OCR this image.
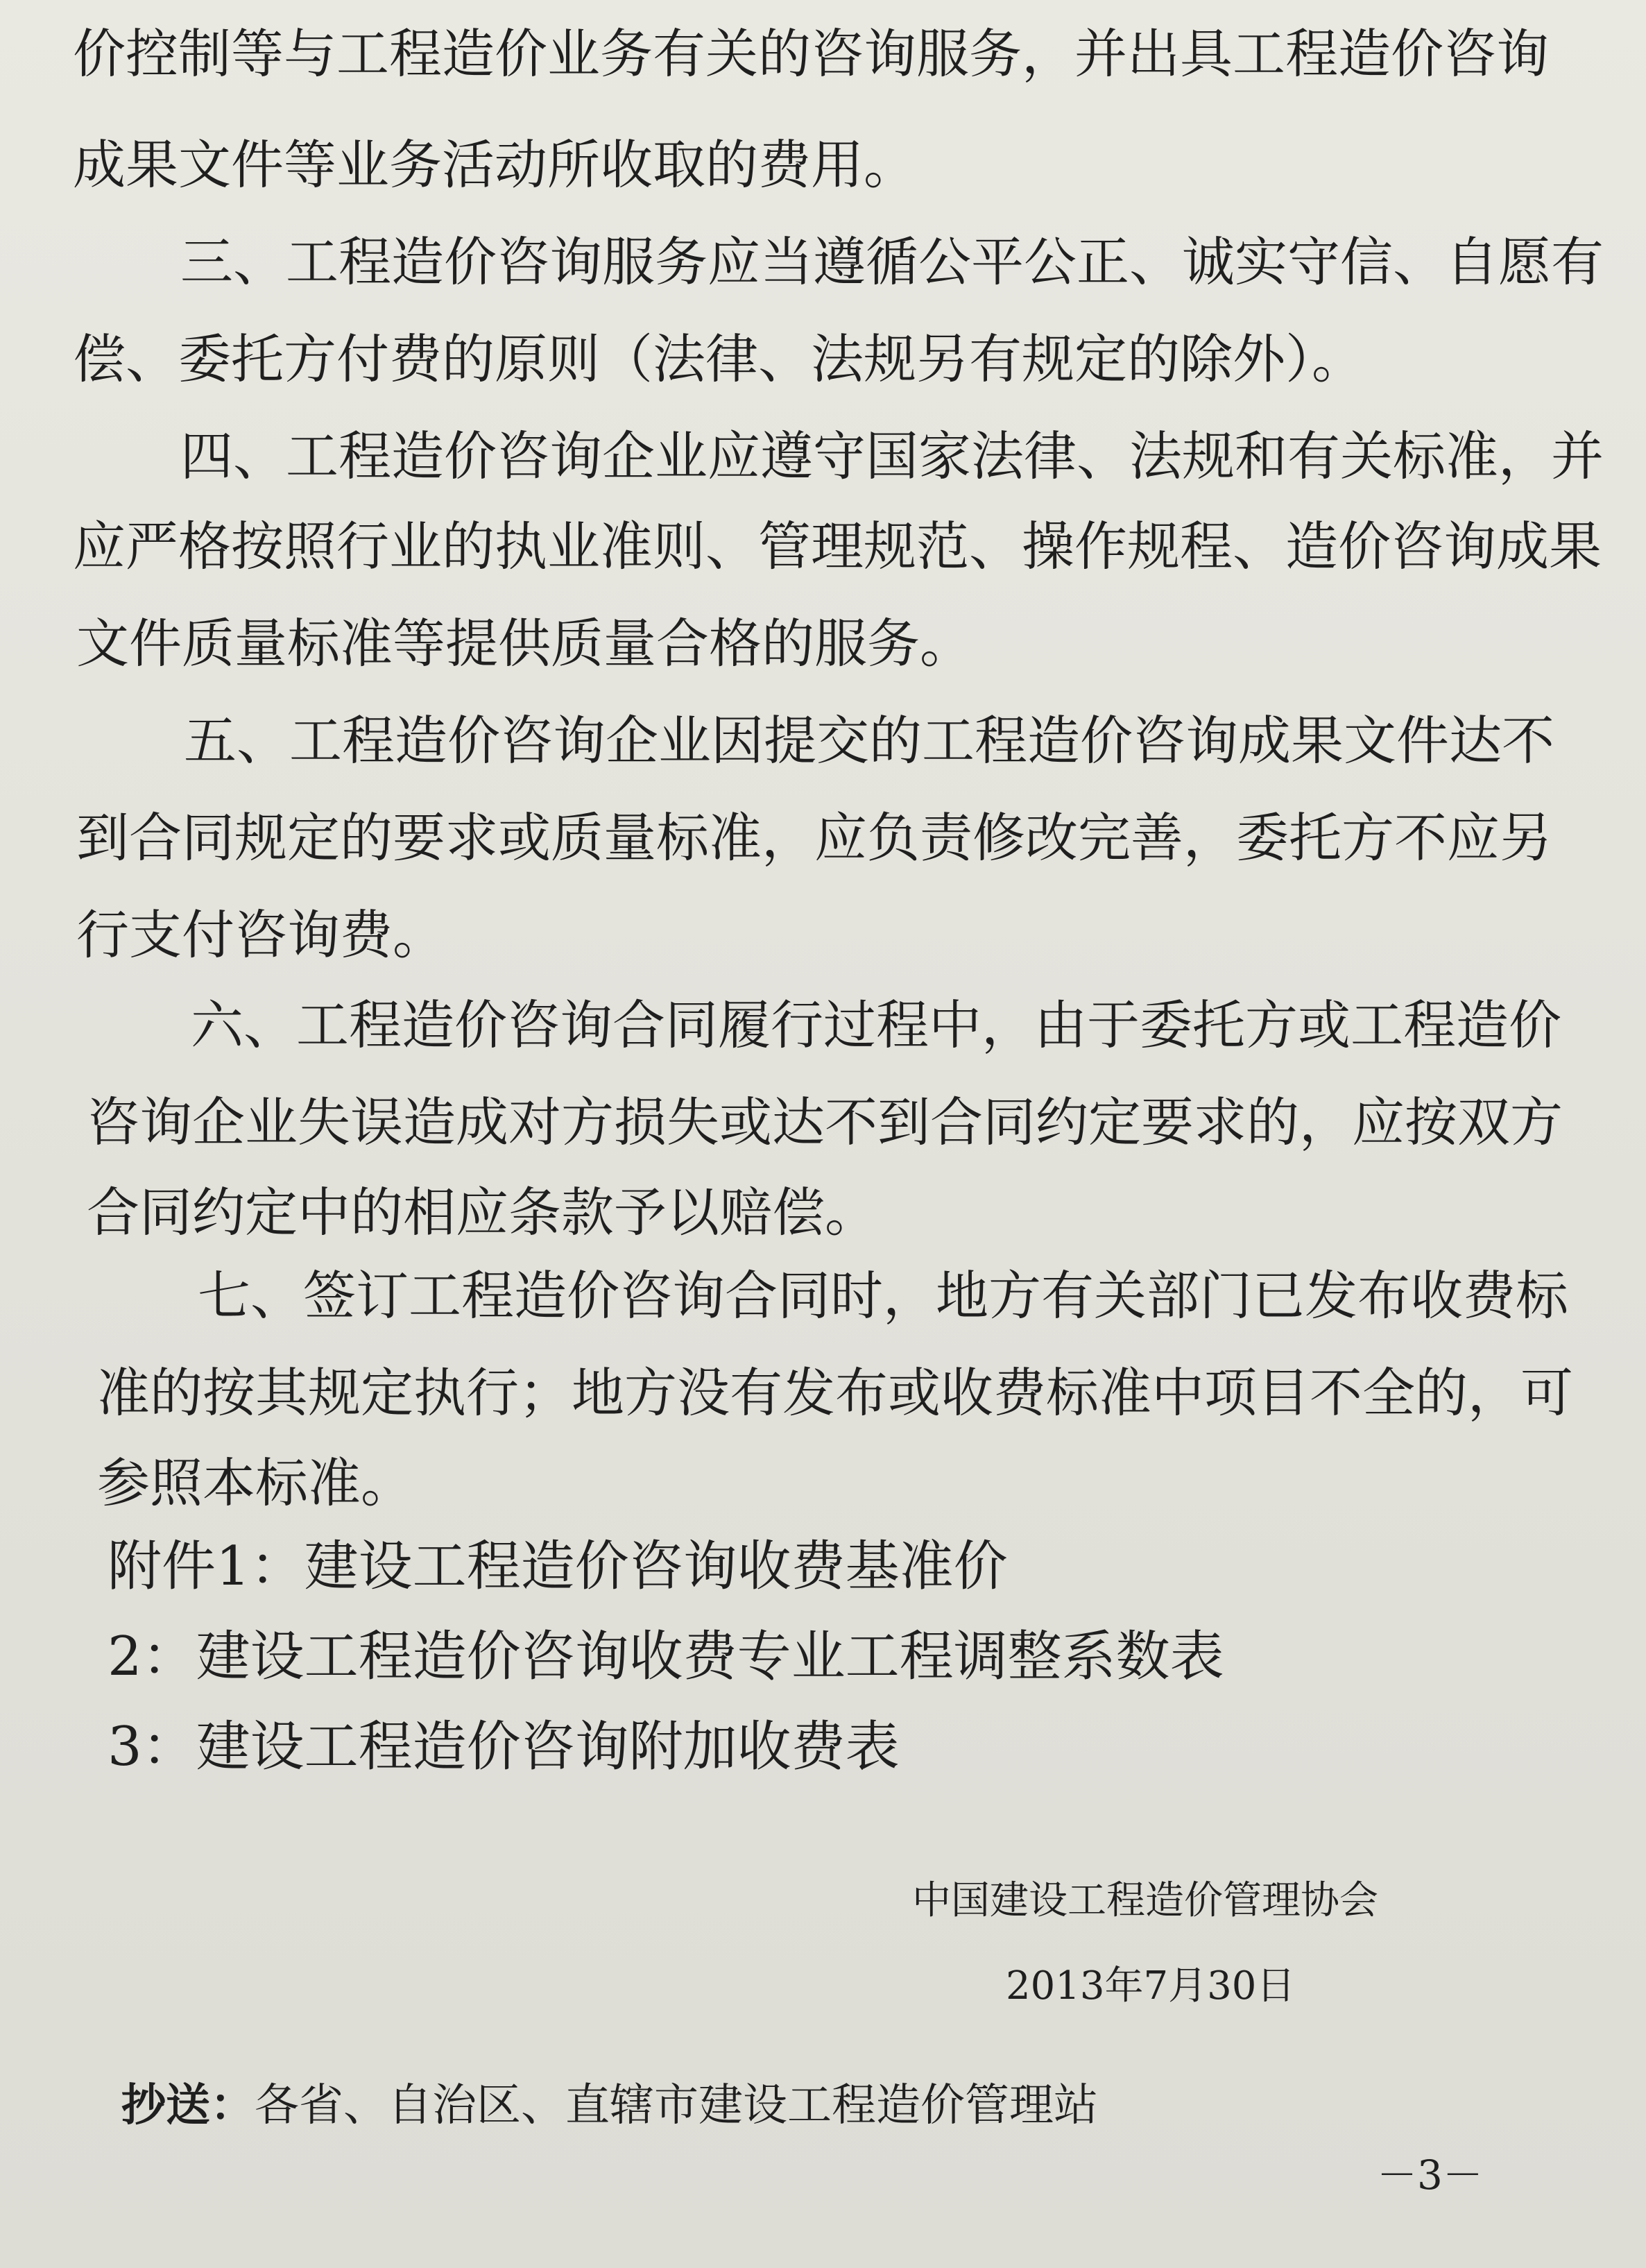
价控制等与工程造价业务有关的咨询服务，并出具工程造价咨询
成果文件等业务活动所收取的费用。
三、工程造价咨询服务应当遵循公平公正、诚实守信、自愿有
偿、委托方付费的原则（法律、法规另有规定的除外）。
四、工程造价咨询企业应遵守国家法律、法规和有关标准，并
应严格按照行业的执业准则、管理规范、操作规程、造价咨询成果
文件质量标准等提供质量合格的服务。
五、工程造价咨询企业因提交的工程造价咨询成果文件达不
到合同规定的要求或质量标准，应负责修改完善，委托方不应另
行支付咨询费。
六、工程造价咨询合同履行过程中，由于委托方或工程造价
咨询企业失误造成对方损失或达不到合同约定要求的，应按双方
合同约定中的相应条款予以赔偿。
七、签订工程造价咨询合同时，地方有关部门已发布收费标
准的按其规定执行；地方没有发布或收费标准中项目不全的，可
参照本标准。
附件1：建设工程造价咨询收费基准价
2：建设工程造价咨询收费专业工程调整系数表
3：建设工程造价咨询附加收费表
中国建设工程造价管理协会
2013年7月30日
抄送：各省、自治区、直辖市建设工程造价管理站
－3－
